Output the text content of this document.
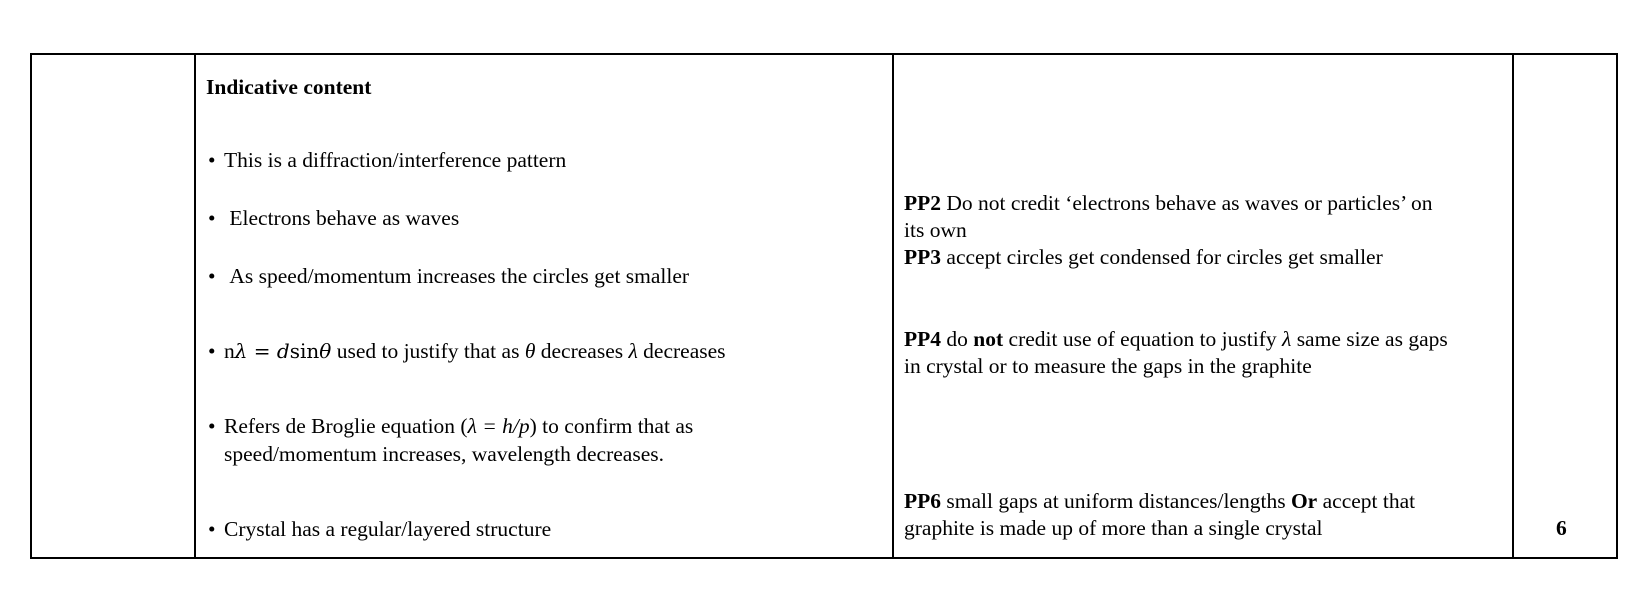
Indicative content
• This is a diffraction/interference pattern
• Electrons behave as waves
• As speed/momentum increases the circles get smaller
• nλ = dsinθ used to justify that as θ decreases λ decreases
• Refers de Broglie equation (λ = h/p) to confirm that as
speed/momentum increases, wavelength decreases.
• Crystal has a regular/layered structure
PP2 Do not credit ‘electrons behave as waves or particles’ on
its own
PP3 accept circles get condensed for circles get smaller
PP4 do not credit use of equation to justify λ same size as gaps
in crystal or to measure the gaps in the graphite
PP6 small gaps at uniform distances/lengths Or accept that
graphite is made up of more than a single crystal	6
